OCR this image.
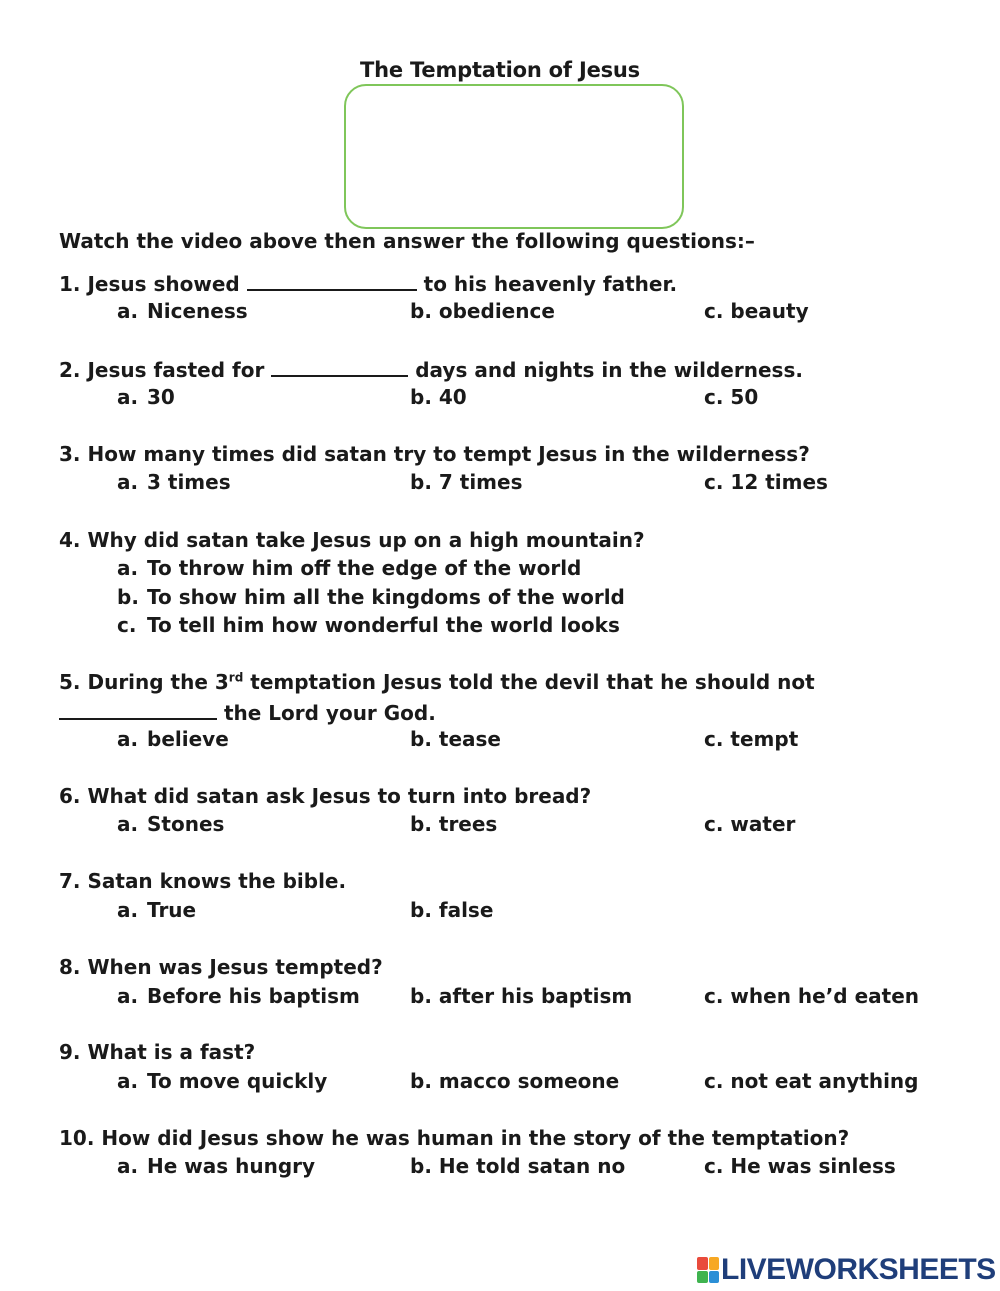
The Temptation of Jesus
Watch the video above then answer the following questions:–
1. Jesus showed	to his heavenly father.
a. Niceness	b. obedience	c. beauty
2. Jesus fasted for	days and nights in the wilderness.
a. 30	b. 40	c. 50
3. How many times did satan try to tempt Jesus in the wilderness?
a. 3 times	b. 7 times	c. 12 times
4. Why did satan take Jesus up on a high mountain?
a. To throw him off the edge of the world
b. To show him all the kingdoms of the world
c. To tell him how wonderful the world looks
5. During the 3rd temptation Jesus told the devil that he should not
the Lord your God.
a. believe	b. tease	c. tempt
6. What did satan ask Jesus to turn into bread?
a. Stones	b. trees	c. water
7. Satan knows the bible.
a. True	b. false
8. When was Jesus tempted?
a. Before his baptism	b. after his baptism	c. when he’d eaten
9. What is a fast?
a. To move quickly	b. macco someone	c. not eat anything
10. How did Jesus show he was human in the story of the temptation?
a. He was hungry	b. He told satan no	c. He was sinless
LIVEWORKSHEETS
